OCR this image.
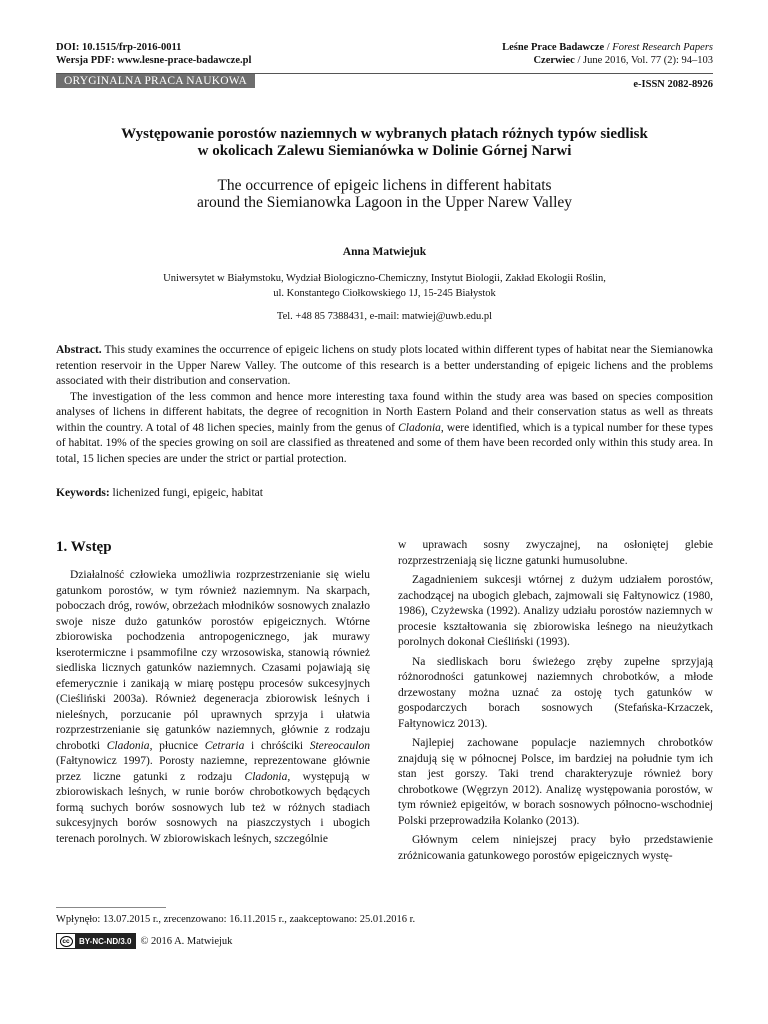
DOI: 10.1515/frp-2016-0011
Wersja PDF: www.lesne-prace-badawcze.pl
Leśne Prace Badawcze / Forest Research Papers
Czerwiec / June 2016, Vol. 77 (2): 94–103
ORYGINALNA PRACA NAUKOWA	e-ISSN 2082-8926
Występowanie porostów naziemnych w wybranych płatach różnych typów siedlisk
w okolicach Zalewu Siemianówka w Dolinie Górnej Narwi
The occurrence of epigeic lichens in different habitats
around the Siemianowka Lagoon in the Upper Narew Valley
Anna Matwiejuk
Uniwersytet w Białymstoku, Wydział Biologiczno-Chemiczny, Instytut Biologii, Zakład Ekologii Roślin,
ul. Konstantego Ciołkowskiego 1J, 15-245 Białystok
Tel. +48 85 7388431, e-mail: matwiej@uwb.edu.pl

Abstract. This study examines the occurrence of epigeic lichens on study plots located within different types of habitat near the Siemianowka retention reservoir in the Upper Narew Valley. The outcome of this research is a better understanding of epigeic lichens and the problems associated with their distribution and conservation.

The investigation of the less common and hence more interesting taxa found within the study area was based on species composition analyses of lichens in different habitats, the degree of recognition in North Eastern Poland and their conservation status as well as threats within the country. A total of 48 lichen species, mainly from the genus of Cladonia, were identified, which is a typical number for these types of habitat. 19% of the species growing on soil are classified as threatened and some of them have been recorded only within this study area. In total, 15 lichen species are under the strict or partial protection.

Keywords: lichenized fungi, epigeic, habitat
1. Wstęp

Działalność człowieka umożliwia rozprzestrzenianie się wielu gatunkom porostów, w tym również naziemnym. Na skarpach, poboczach dróg, rowów, obrzeżach młodników sosnowych znalazło swoje nisze dużo gatunków porostów epigeicznych. Wtórne zbiorowiska pochodzenia antropogenicznego, jak murawy kserotermiczne i psammofilne czy wrzosowiska, stanowią również siedliska licznych gatunków naziemnych. Czasami pojawiają się efemerycznie i zanikają w miarę postępu procesów sukcesyjnych (Cieśliński 2003a). Również degeneracja zbiorowisk leśnych i nieleśnych, porzucanie pól uprawnych sprzyja i ułatwia rozprzestrzenianie się gatunków naziemnych, głównie z rodzaju chrobotki Cladonia, płucnice Cetraria i chróściki Stereocaulon (Fałtynowicz 1997). Porosty naziemne, reprezentowane głównie przez liczne gatunki z rodzaju Cladonia, występują w zbiorowiskach leśnych, w runie borów chrobotkowych będących formą suchych borów sosnowych lub też w różnych stadiach sukcesyjnych borów sosnowych na piaszczystych i ubogich terenach porolnych. W zbiorowiskach leśnych, szczególnie

w uprawach sosny zwyczajnej, na osłoniętej glebie rozprzestrzeniają się liczne gatunki humusolubne.

Zagadnieniem sukcesji wtórnej z dużym udziałem porostów, zachodzącej na ubogich glebach, zajmowali się Fałtynowicz (1980, 1986), Czyżewska (1992). Analizy udziału porostów naziemnych w procesie kształtowania się zbiorowiska leśnego na nieużytkach porolnych dokonał Cieśliński (1993).

Na siedliskach boru świeżego zręby zupełne sprzyjają różnorodności gatunkowej naziemnych chrobotków, a młode drzewostany można uznać za ostoję tych gatunków w gospodarczych borach sosnowych (Stefańska-Krzaczek, Fałtynowicz 2013).

Najlepiej zachowane populacje naziemnych chrobotków znajdują się w północnej Polsce, im bardziej na południe tym ich stan jest gorszy. Taki trend charakteryzuje również bory chrobotkowe (Węgrzyn 2012). Analizę występowania porostów, w tym również epigeitów, w borach sosnowych północno-wschodniej Polski przeprowadziła Kolanko (2013).

Głównym celem niniejszej pracy było przedstawienie zróżnicowania gatunkowego porostów epigeicznych wystę-

Wpłynęło: 13.07.2015 r., zrecenzowano: 16.11.2015 r., zaakceptowano: 25.01.2016 r.
cc	BY-NC-ND/3.0 © 2016 A. Matwiejuk
